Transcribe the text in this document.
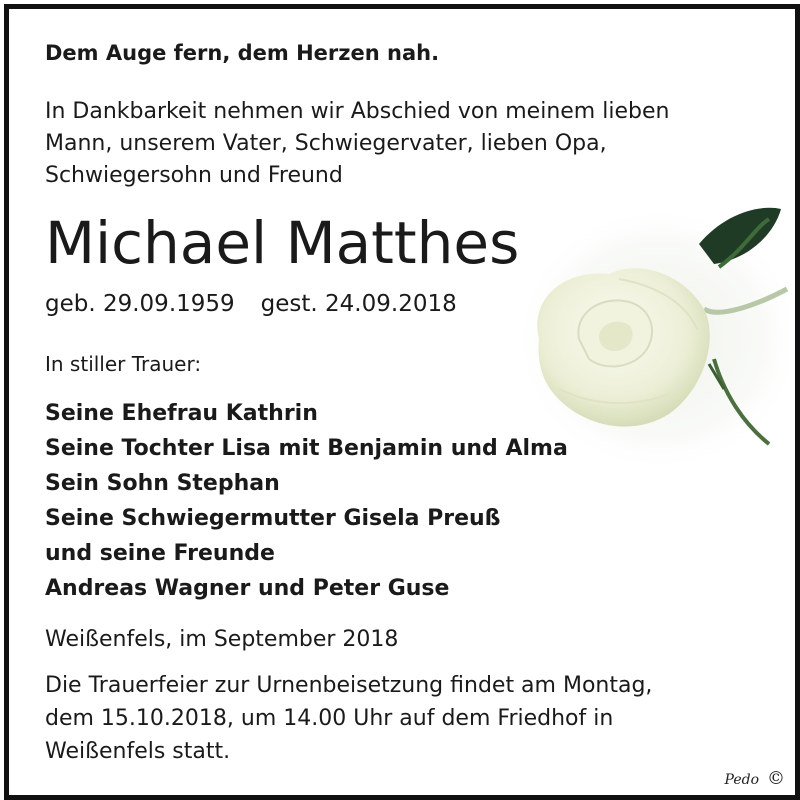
Dem Auge fern, dem Herzen nah.
In Dankbarkeit nehmen wir Abschied von meinem lieben
Mann, unserem Vater, Schwiegervater, lieben Opa,
Schwiegersohn und Freund
Michael Matthes
geb. 29.09.1959 gest. 24.09.2018
In stiller Trauer:
Seine Ehefrau Kathrin
Seine Tochter Lisa mit Benjamin und Alma
Sein Sohn Stephan
Seine Schwiegermutter Gisela Preuß
und seine Freunde
Andreas Wagner und Peter Guse
Weißenfels, im September 2018
Die Trauerfeier zur Urnenbeisetzung findet am Montag,
dem 15.10.2018, um 14.00 Uhr auf dem Friedhof in
Weißenfels statt.
Pedo ©
